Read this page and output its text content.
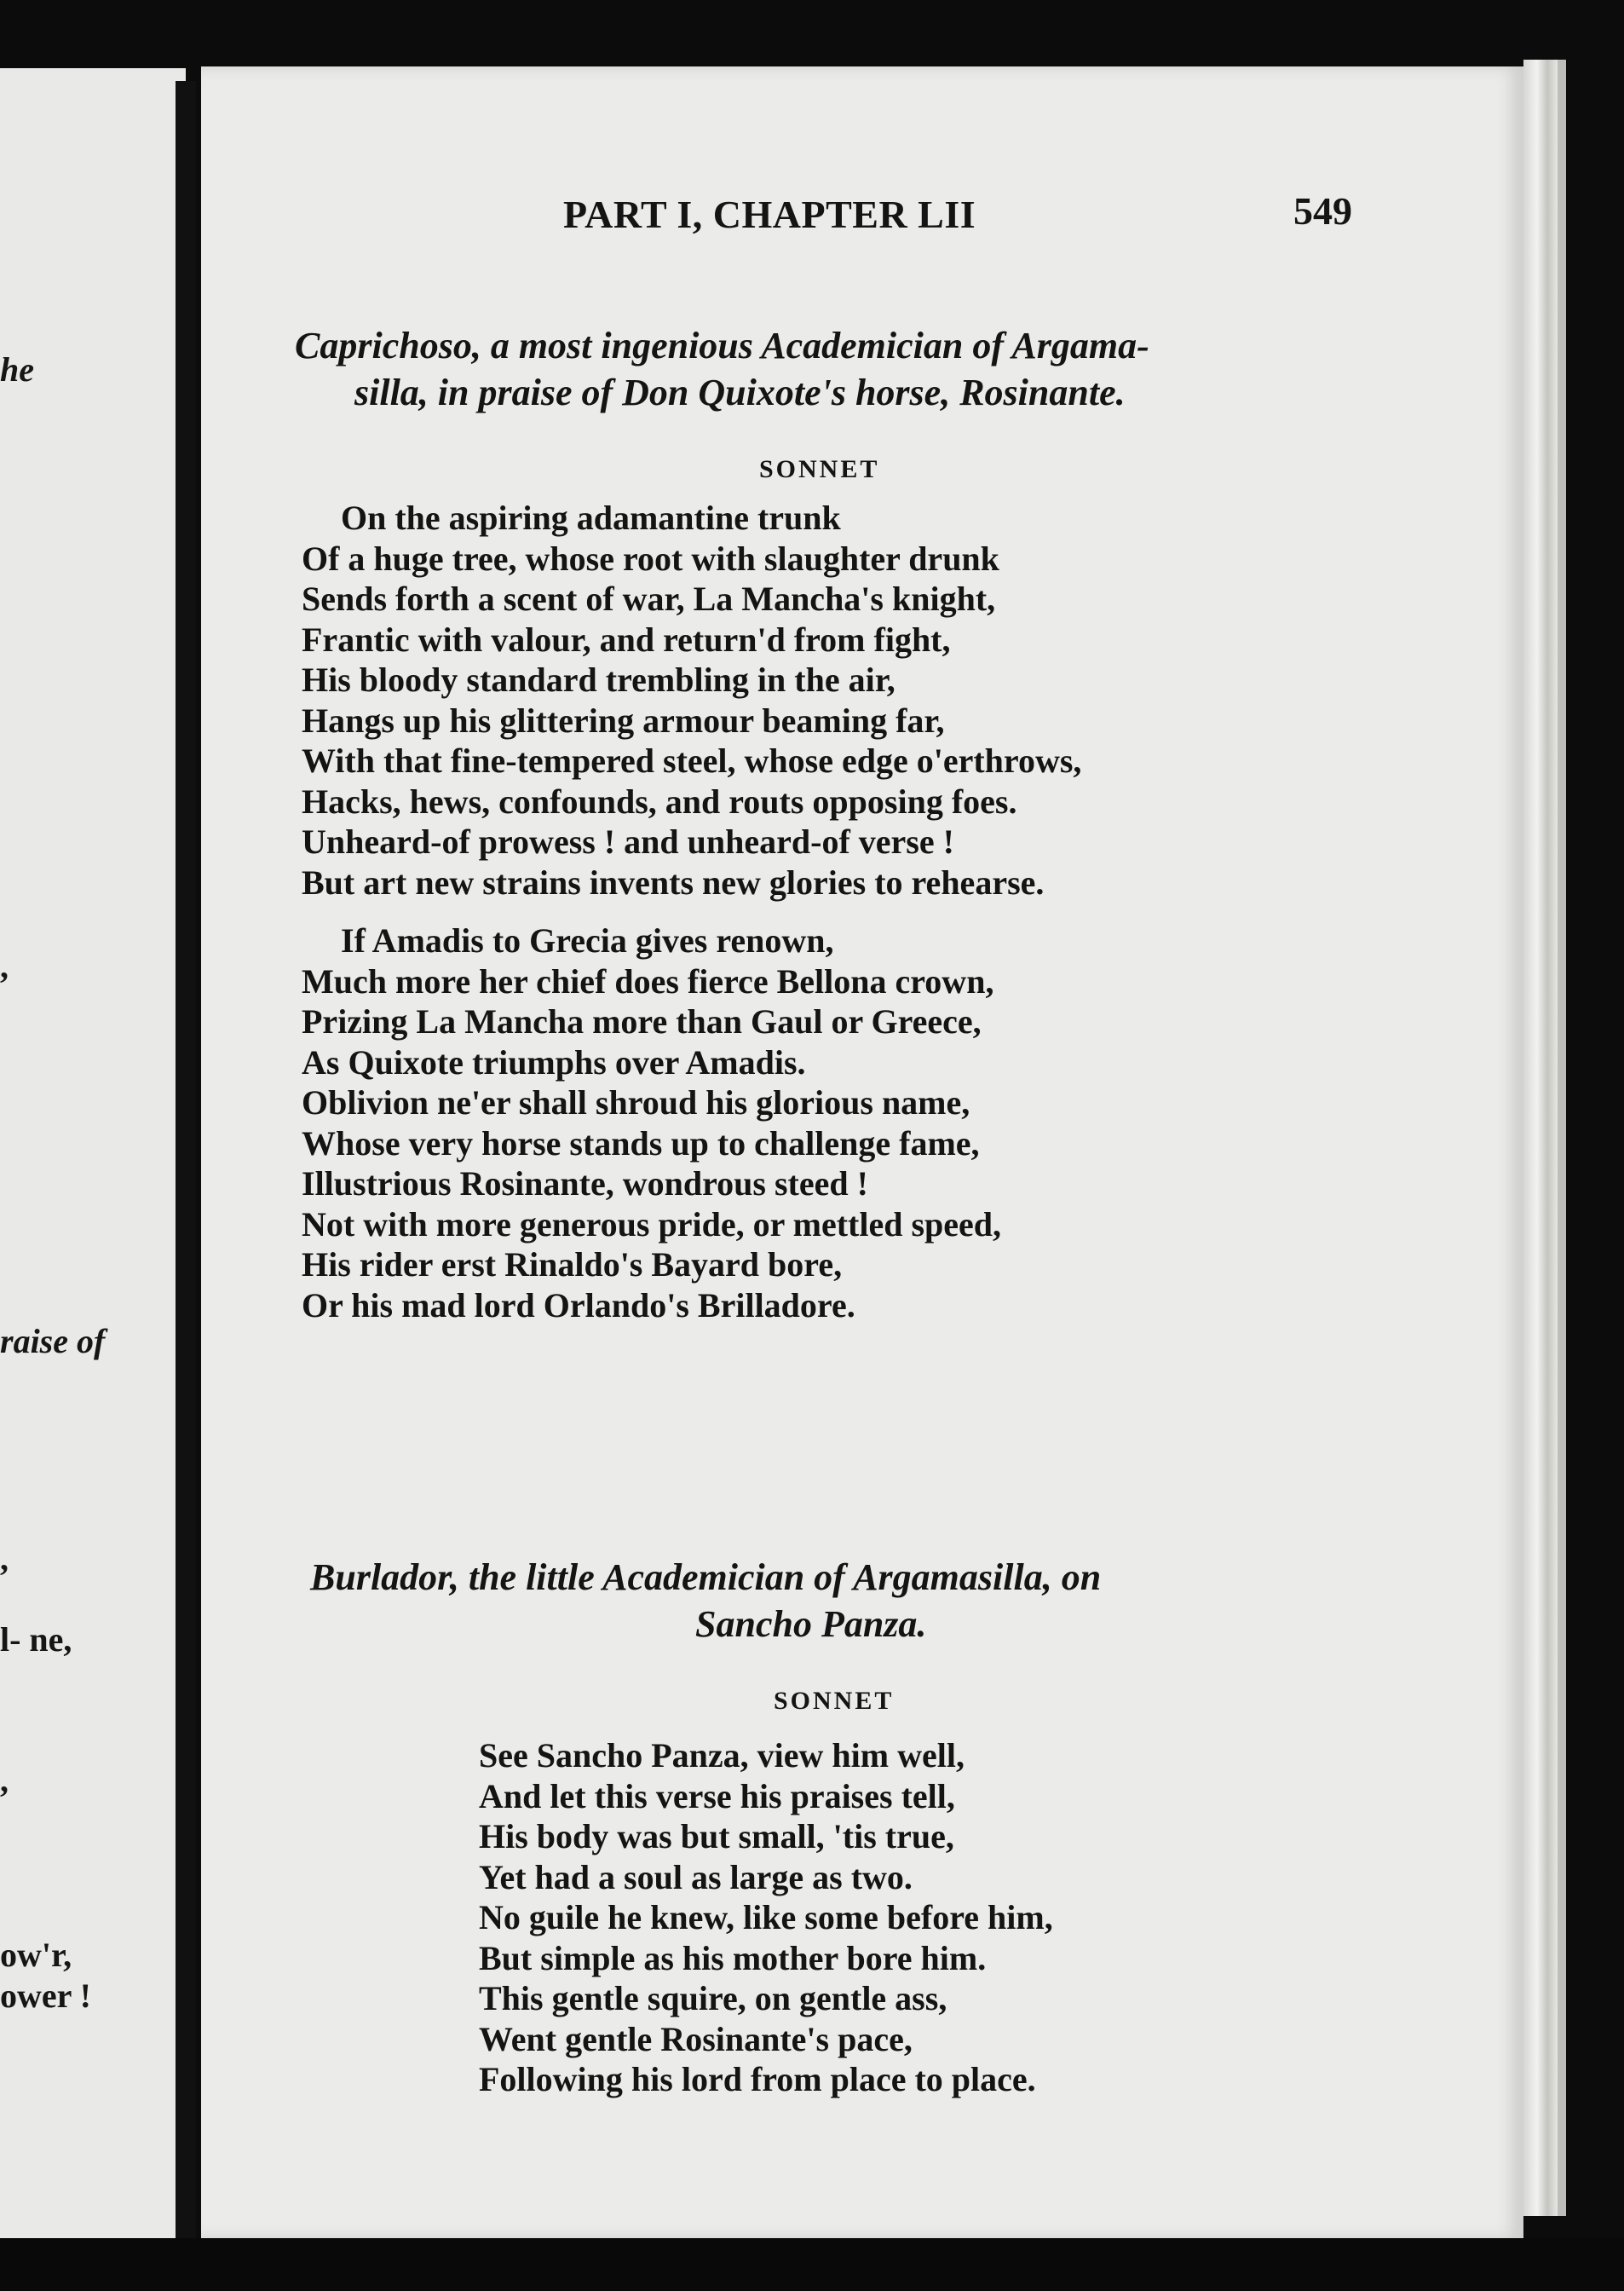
he
,
raise of
,
l- ne,
,
ow'r,
ower !
PART I, CHAPTER LII	549
Caprichoso, a most ingenious Academician of Argama-
silla, in praise of Don Quixote's horse, Rosinante.
SONNET
On the aspiring adamantine trunk
Of a huge tree, whose root with slaughter drunk
Sends forth a scent of war, La Mancha's knight,
Frantic with valour, and return'd from fight,
His bloody standard trembling in the air,
Hangs up his glittering armour beaming far,
With that fine-tempered steel, whose edge o'erthrows,
Hacks, hews, confounds, and routs opposing foes.
Unheard-of prowess ! and unheard-of verse !
But art new strains invents new glories to rehearse.
If Amadis to Grecia gives renown,
Much more her chief does fierce Bellona crown,
Prizing La Mancha more than Gaul or Greece,
As Quixote triumphs over Amadis.
Oblivion ne'er shall shroud his glorious name,
Whose very horse stands up to challenge fame,
Illustrious Rosinante, wondrous steed !
Not with more generous pride, or mettled speed,
His rider erst Rinaldo's Bayard bore,
Or his mad lord Orlando's Brilladore.
Burlador, the little Academician of Argamasilla, on
Sancho Panza.
SONNET
See Sancho Panza, view him well,
And let this verse his praises tell,
His body was but small, 'tis true,
Yet had a soul as large as two.
No guile he knew, like some before him,
But simple as his mother bore him.
This gentle squire, on gentle ass,
Went gentle Rosinante's pace,
Following his lord from place to place.
